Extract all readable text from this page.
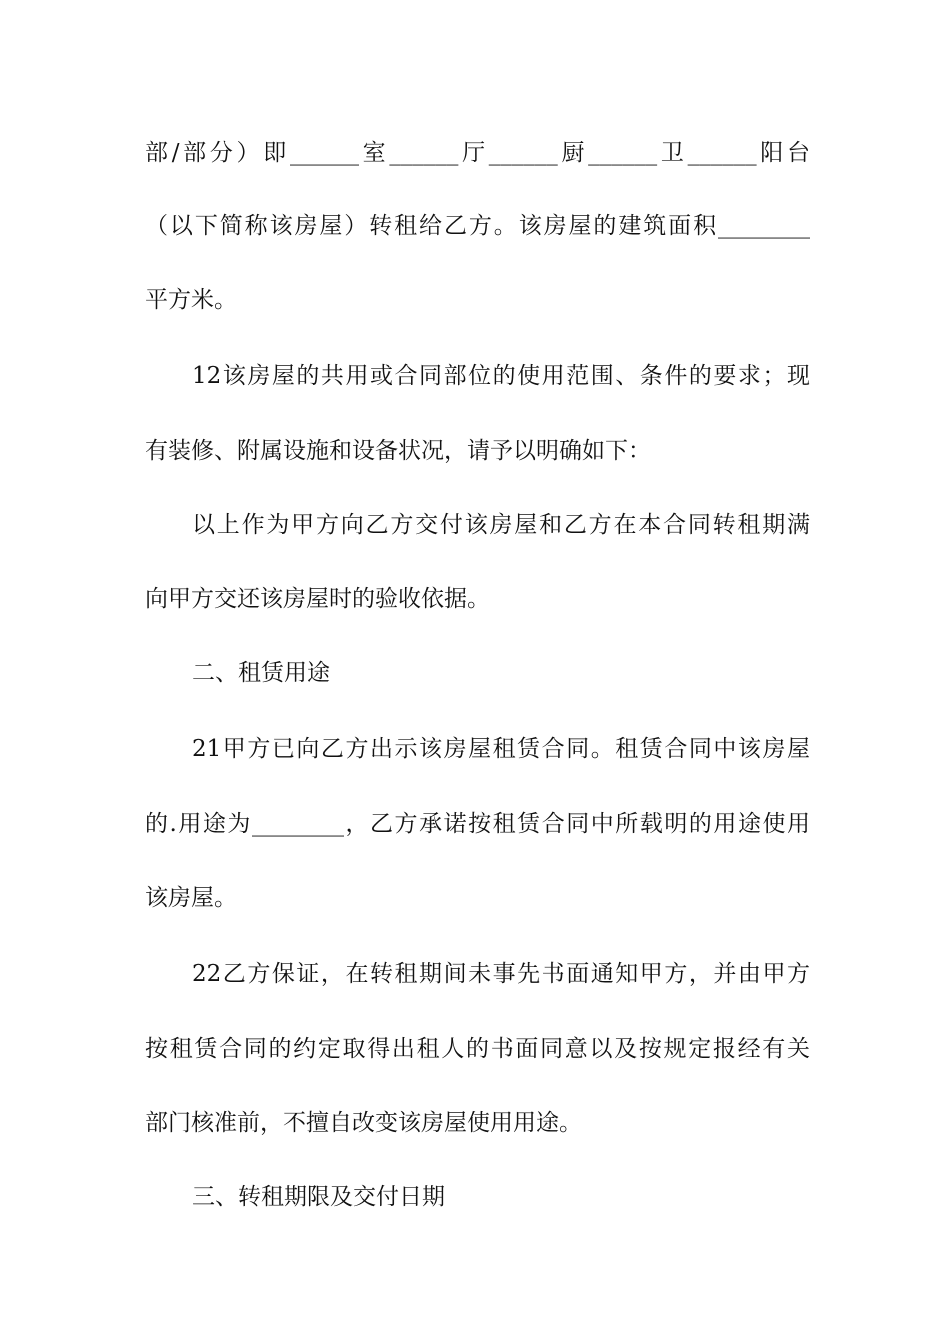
部/部分）即______室______厅______厨______卫______阳台
（以下简称该房屋）转租给乙方。该房屋的建筑面积________
平方米。
12该房屋的共用或合同部位的使用范围、条件的要求；现
有装修、附属设施和设备状况，请予以明确如下：
以上作为甲方向乙方交付该房屋和乙方在本合同转租期满
向甲方交还该房屋时的验收依据。
二、租赁用途
21甲方已向乙方出示该房屋租赁合同。租赁合同中该房屋
的.用途为________，乙方承诺按租赁合同中所载明的用途使用
该房屋。
22乙方保证，在转租期间未事先书面通知甲方，并由甲方
按租赁合同的约定取得出租人的书面同意以及按规定报经有关
部门核准前，不擅自改变该房屋使用用途。
三、转租期限及交付日期
